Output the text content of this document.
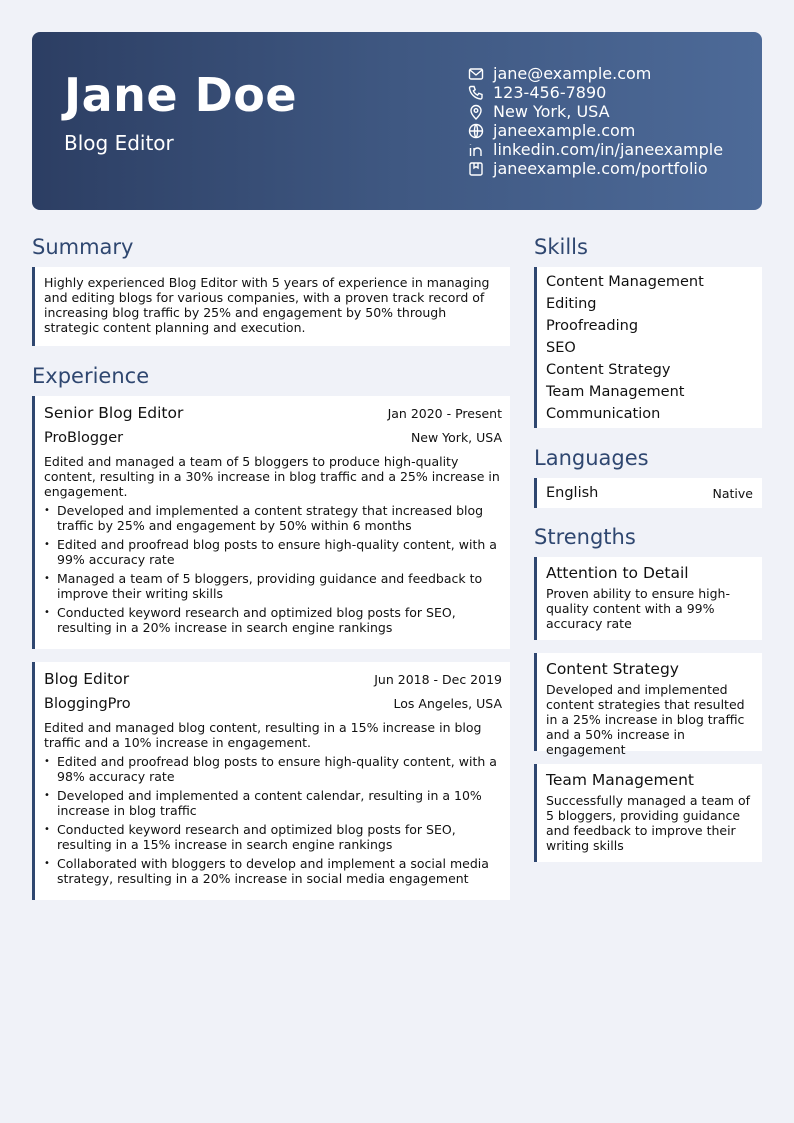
Jane Doe
Blog Editor
jane@example.com
123-456-7890
New York, USA
janeexample.com
linkedin.com/in/janeexample
janeexample.com/portfolio
Summary
Highly experienced Blog Editor with 5 years of experience in managing and editing blogs for various companies, with a proven track record of increasing blog traffic by 25% and engagement by 50% through strategic content planning and execution.
Experience
Senior Blog Editor	Jan 2020 - Present
ProBlogger	New York, USA
Edited and managed a team of 5 bloggers to produce high-quality content, resulting in a 30% increase in blog traffic and a 25% increase in engagement.
• Developed and implemented a content strategy that increased blog traffic by 25% and engagement by 50% within 6 months
• Edited and proofread blog posts to ensure high-quality content, with a 99% accuracy rate
• Managed a team of 5 bloggers, providing guidance and feedback to improve their writing skills
• Conducted keyword research and optimized blog posts for SEO, resulting in a 20% increase in search engine rankings
Blog Editor	Jun 2018 - Dec 2019
BloggingPro	Los Angeles, USA
Edited and managed blog content, resulting in a 15% increase in blog traffic and a 10% increase in engagement.
• Edited and proofread blog posts to ensure high-quality content, with a 98% accuracy rate
• Developed and implemented a content calendar, resulting in a 10% increase in blog traffic
• Conducted keyword research and optimized blog posts for SEO, resulting in a 15% increase in search engine rankings
• Collaborated with bloggers to develop and implement a social media strategy, resulting in a 20% increase in social media engagement
Skills
Content Management
Editing
Proofreading
SEO
Content Strategy
Team Management
Communication
Languages
English	Native
Strengths
Attention to Detail
Proven ability to ensure high-quality content with a 99% accuracy rate
Content Strategy
Developed and implemented content strategies that resulted in a 25% increase in blog traffic and a 50% increase in engagement
Team Management
Successfully managed a team of 5 bloggers, providing guidance and feedback to improve their writing skills
